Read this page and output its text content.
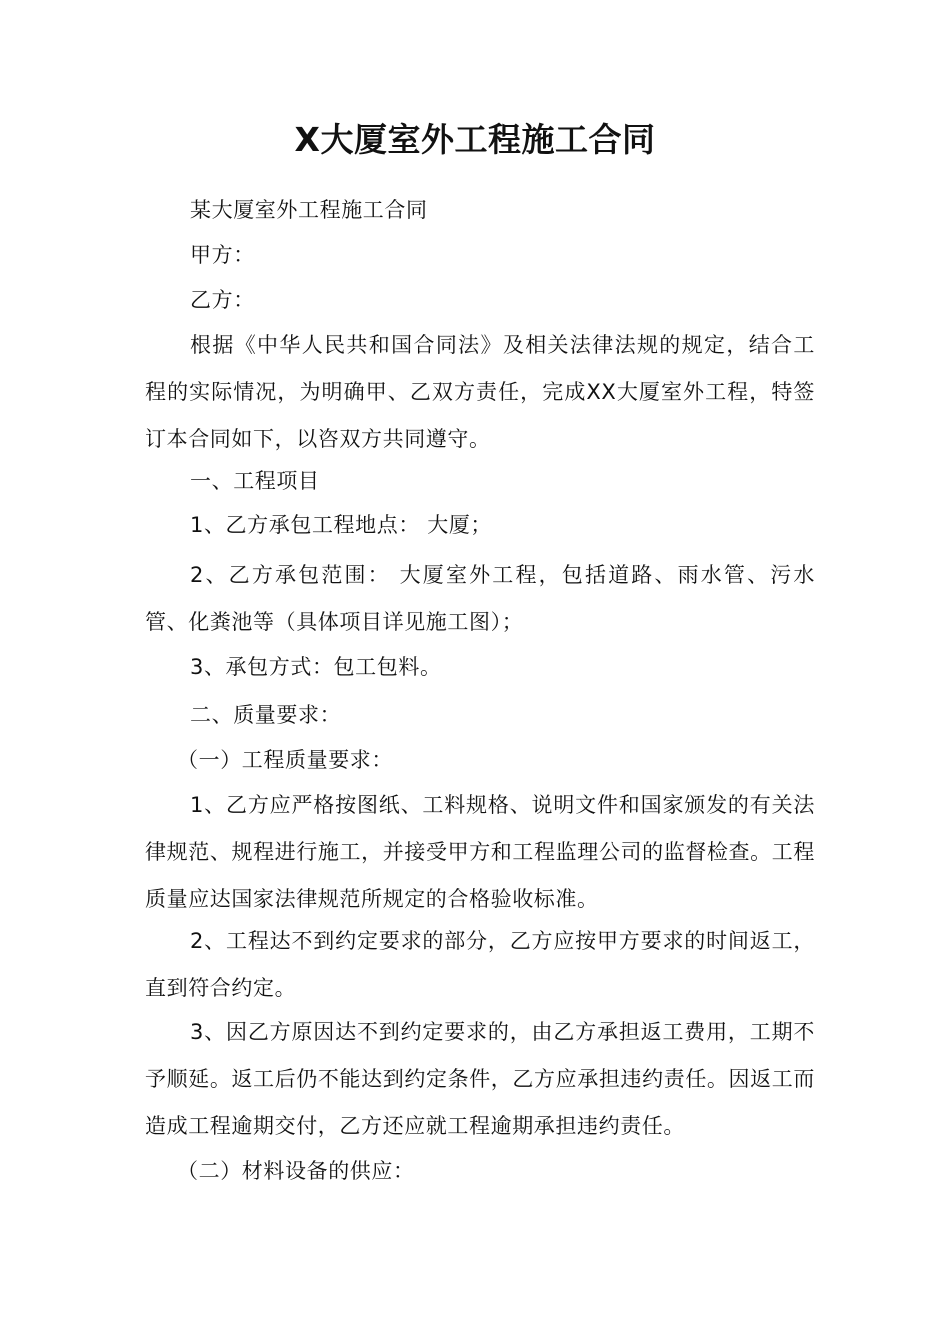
X大厦室外工程施工合同

某大厦室外工程施工合同

甲方：

乙方：

根据《中华人民共和国合同法》及相关法律法规的规定，结合工程的实际情况，为明确甲、乙双方责任，完成XX大厦室外工程，特签订本合同如下，以咨双方共同遵守。

一、工程项目

1、乙方承包工程地点： 大厦；

2、乙方承包范围： 大厦室外工程，包括道路、雨水管、污水管、化粪池等（具体项目详见施工图）；

3、承包方式：包工包料。

二、质量要求：

（一）工程质量要求：

1、乙方应严格按图纸、工料规格、说明文件和国家颁发的有关法律规范、规程进行施工，并接受甲方和工程监理公司的监督检查。工程质量应达国家法律规范所规定的合格验收标准。

2、工程达不到约定要求的部分，乙方应按甲方要求的时间返工，直到符合约定。

3、因乙方原因达不到约定要求的，由乙方承担返工费用，工期不予顺延。返工后仍不能达到约定条件，乙方应承担违约责任。因返工而造成工程逾期交付，乙方还应就工程逾期承担违约责任。

（二）材料设备的供应：
